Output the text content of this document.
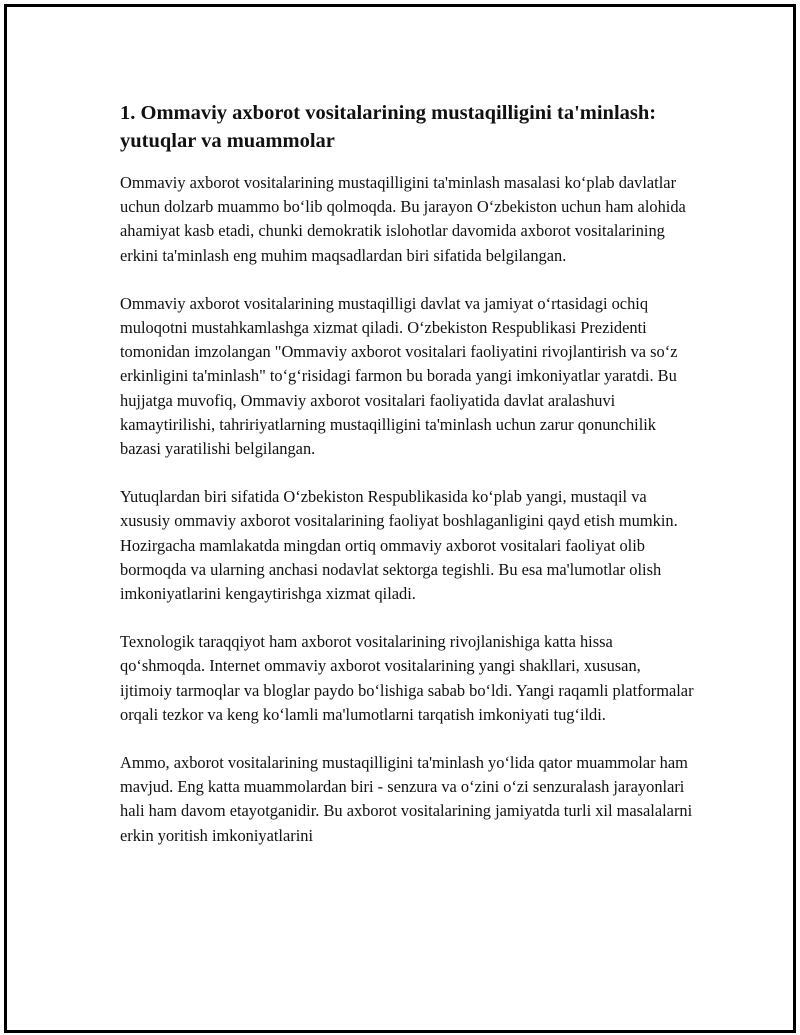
1. Ommaviy axborot vositalarining mustaqilligini ta'minlash: yutuqlar va muammolar

Ommaviy axborot vositalarining mustaqilligini ta'minlash masalasi ko‘plab davlatlar uchun dolzarb muammo bo‘lib qolmoqda. Bu jarayon O‘zbekiston uchun ham alohida ahamiyat kasb etadi, chunki demokratik islohotlar davomida axborot vositalarining erkini ta'minlash eng muhim maqsadlardan biri sifatida belgilangan.

Ommaviy axborot vositalarining mustaqilligi davlat va jamiyat o‘rtasidagi ochiq muloqotni mustahkamlashga xizmat qiladi. O‘zbekiston Respublikasi Prezidenti tomonidan imzolangan "Ommaviy axborot vositalari faoliyatini rivojlantirish va so‘z erkinligini ta'minlash" to‘g‘risidagi farmon bu borada yangi imkoniyatlar yaratdi. Bu hujjatga muvofiq, Ommaviy axborot vositalari faoliyatida davlat aralashuvi kamaytirilishi, tahririyatlarning mustaqilligini ta'minlash uchun zarur qonunchilik bazasi yaratilishi belgilangan.

Yutuqlardan biri sifatida O‘zbekiston Respublikasida ko‘plab yangi, mustaqil va xususiy ommaviy axborot vositalarining faoliyat boshlaganligini qayd etish mumkin. Hozirgacha mamlakatda mingdan ortiq ommaviy axborot vositalari faoliyat olib bormoqda va ularning anchasi nodavlat sektorga tegishli. Bu esa ma'lumotlar olish imkoniyatlarini kengaytirishga xizmat qiladi.

Texnologik taraqqiyot ham axborot vositalarining rivojlanishiga katta hissa qo‘shmoqda. Internet ommaviy axborot vositalarining yangi shakllari, xususan, ijtimoiy tarmoqlar va bloglar paydo bo‘lishiga sabab bo‘ldi. Yangi raqamli platformalar orqali tezkor va keng ko‘lamli ma'lumotlarni tarqatish imkoniyati tug‘ildi.

Ammo, axborot vositalarining mustaqilligini ta'minlash yo‘lida qator muammolar ham mavjud. Eng katta muammolardan biri - senzura va o‘zini o‘zi senzuralash jarayonlari hali ham davom etayotganidir. Bu axborot vositalarining jamiyatda turli xil masalalarni erkin yoritish imkoniyatlarini
